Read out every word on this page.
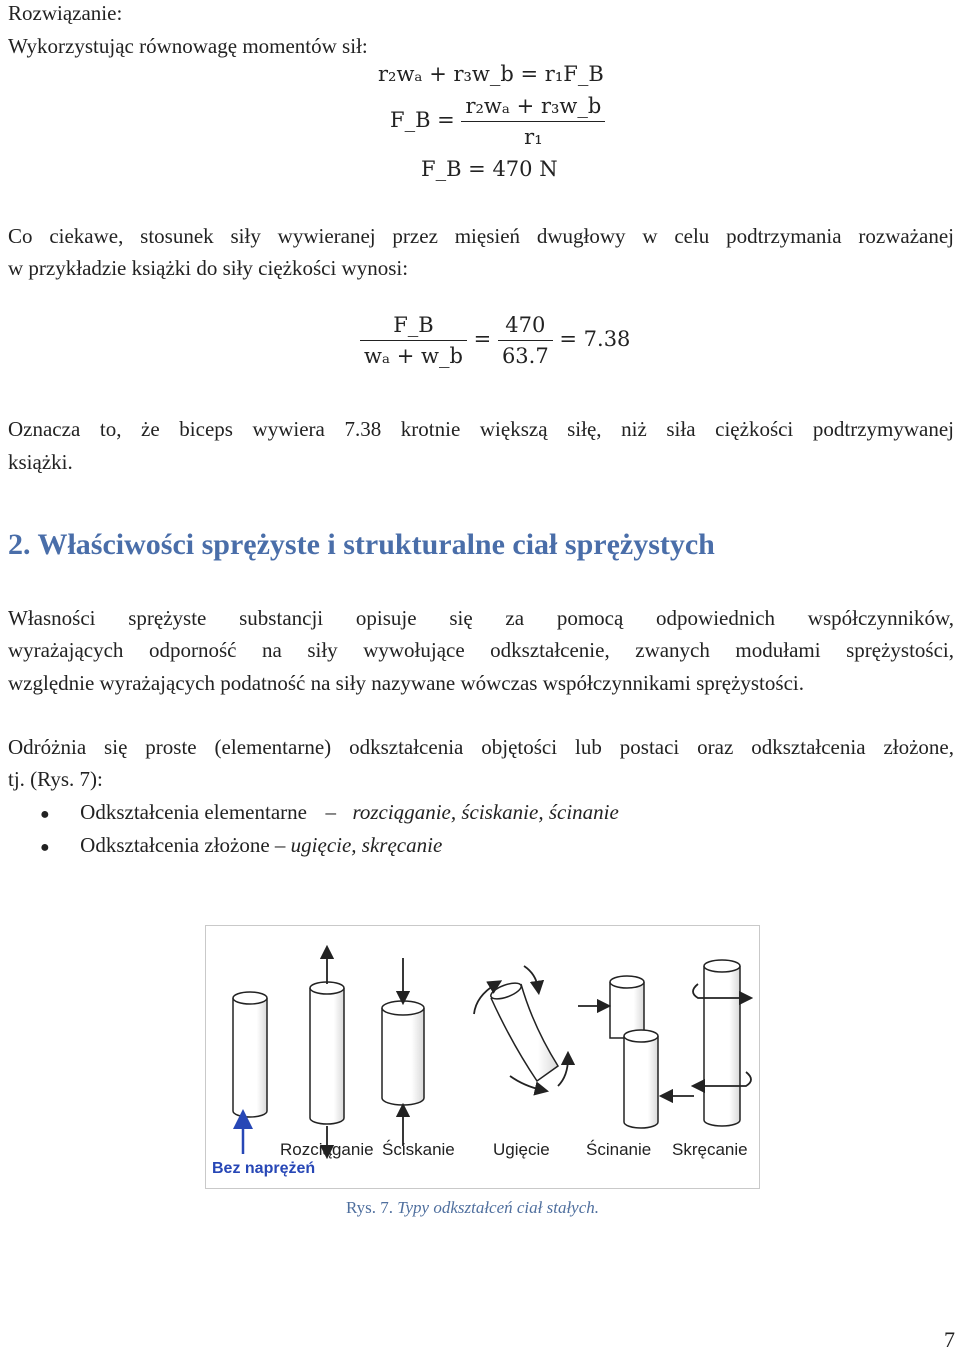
Rozwiązanie:
Wykorzystując równowagę momentów sił:
r₂wₐ + r₃w_b = r₁F_B
F_B = $\frac{\text{r₂wₐ + r₃w\_b}}{\text{r₁}}$
F_B = 470 N
Co ciekawe, stosunek siły wywieranej przez mięsień dwugłowy w celu podtrzymania rozważanej
w przykładzie książki do siły ciężkości wynosi:
$\frac{F\_B}{\text{wₐ + w\_b}} = \frac{470}{63.7} = 7.38$
Oznacza to, że biceps wywiera 7.38 krotnie większą siłę, niż siła ciężkości podtrzymywanej
książki.
2. Właściwości sprężyste i strukturalne ciał sprężystych
Własności sprężyste substancji opisuje się za pomocą odpowiednich współczynników,
wyrażających odporność na siły wywołujące odkształcenie, zwanych modułami sprężystości,
względnie wyrażających podatność na siły nazywane wówczas współczynnikami sprężystości.
Odróżnia się proste (elementarne) odkształcenia objętości lub postaci oraz odkształcenia złożone,
tj. (Rys. 7):
● Odkształcenia elementarne – rozciąganie, ściskanie, ścinanie
● Odkształcenia złożone – ugięcie, skręcanie
Rozciąganie Ściskanie Ugięcie Ścinanie Skręcanie
Bez naprężeń
Rys. 7. Typy odkształceń ciał stałych.
7
